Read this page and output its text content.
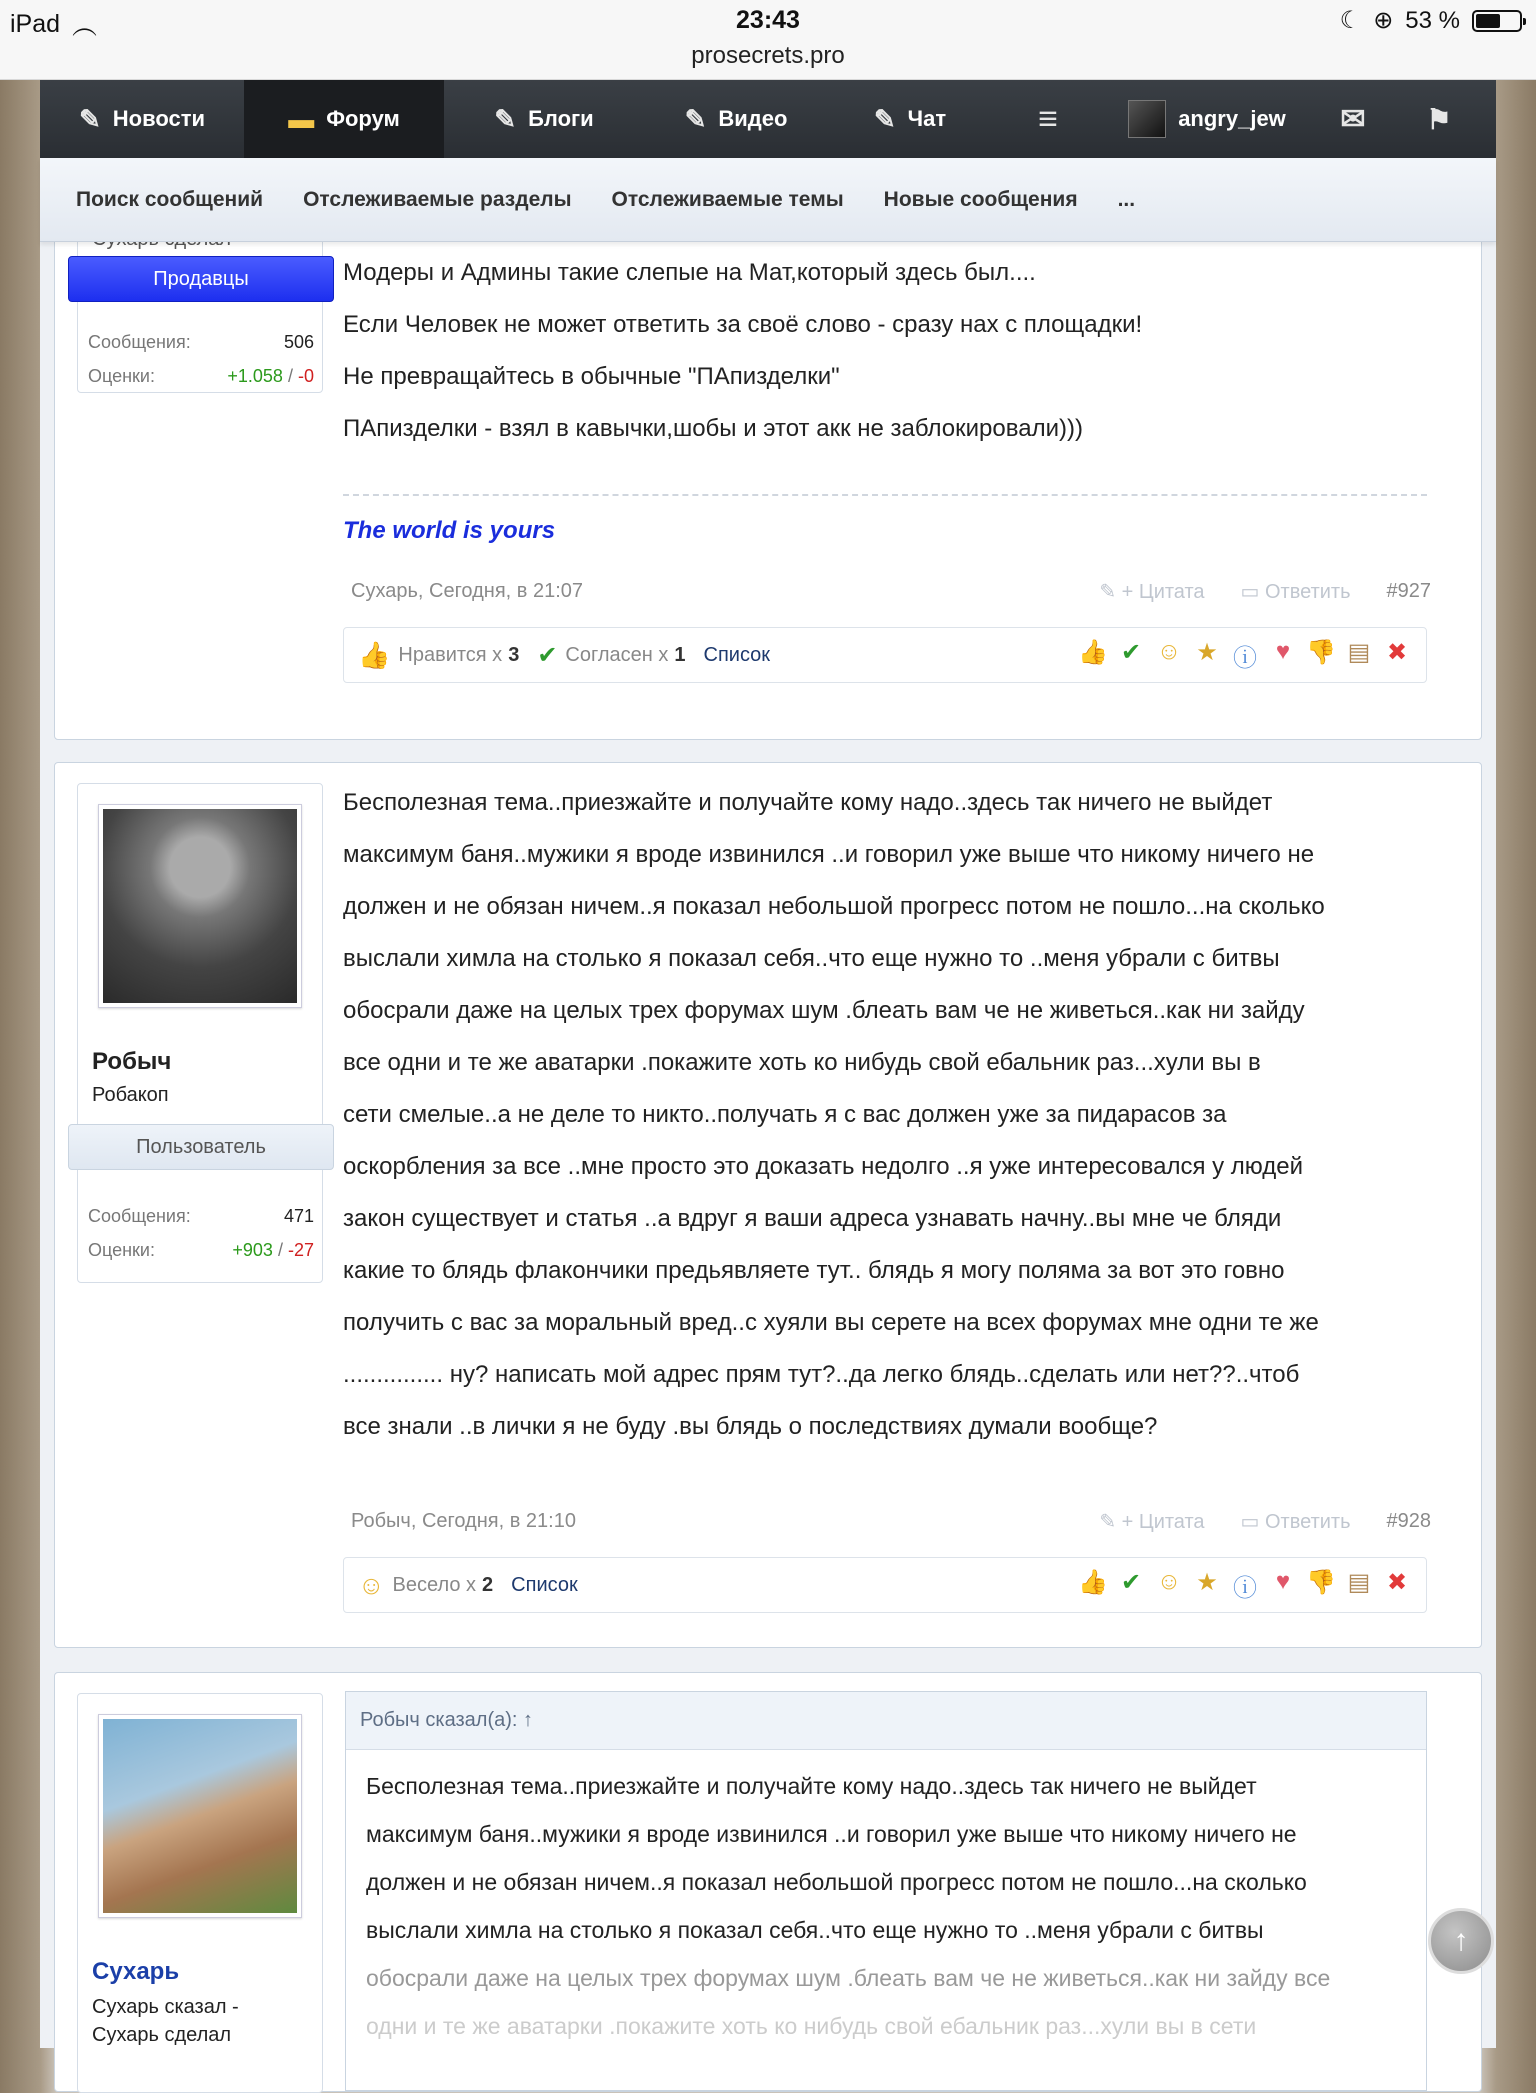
iPad ︵	23:43
prosecrets.pro
☾ ⊕ 53 %
✎ Новости	▬ Форум	✎ Блоги	✎ Видео	✎ Чат	≡	angry_jew ✉ ⚑
Поиск сообщений Отслеживаемые разделы Отслеживаемые темы Новые сообщения ...
Продавцы
Сообщения:	506
Оценки:	+1.058 / -0

Модеры и Админы такие слепые на Мат,который здесь был....

Если Человек не может ответить за своё слово - сразу нах с площадки!

Не превращайтесь в обычные "ПАпизделки"

ПАпизделки - взял в кавычки,шобы и этот акк не заблокировали)))

The world is yours
Сухарь, Сегодня, в 21:07	✎ + Цитата ▭ Ответить #927
👍 Нравится x 3 ✔ Согласен x 1 Список	👍 ✔ ☺ ★ ⓘ ♥ 👎 ▤ ✖
Робыч
Робакоп
Пользователь
Сообщения:	471
Оценки:	+903 / -27

Бесполезная тема..приезжайте и получайте кому надо..здесь так ничего не выйдет

максимум баня..мужики я вроде извинился ..и говорил уже выше что никому ничего не

должен и не обязан ничем..я показал небольшой прогресс потом не пошло...на сколько

выслали химла на столько я показал себя..что еще нужно то ..меня убрали с битвы

обосрали даже на целых трех форумах шум .блеать вам че не живеться..как ни зайду

все одни и те же аватарки .покажите хоть ко нибудь свой ебальник раз...хули вы в

сети смелые..а не деле то никто..получать я с вас должен уже за пидарасов за

оскорбления за все ..мне просто это доказать недолго ..я уже интересовался у людей

закон существует и статья ..а вдруг я ваши адреса узнавать начну..вы мне че бляди

какие то блядь флакончики предьявляете тут.. блядь я могу поляма за вот это говно

получить с вас за моральный вред..с хуяли вы серете на всех форумах мне одни те же

............... ну? написать мой адрес прям тут?..да легко блядь..сделать или нет??..чтоб

все знали ..в лички я не буду .вы блядь о последствиях думали вообще?

Робыч, Сегодня, в 21:10	✎ + Цитата ▭ Ответить #928
☺ Весело x 2 Список	👍 ✔ ☺ ★ ⓘ ♥ 👎 ▤ ✖
Сухарь
Сухарь сказал -
Сухарь сделал
Робыч сказал(а): ↑
Бесполезная тема..приезжайте и получайте кому надо..здесь так ничего не выйдет
максимум баня..мужики я вроде извинился ..и говорил уже выше что никому ничего не
должен и не обязан ничем..я показал небольшой прогресс потом не пошло...на сколько
выслали химла на столько я показал себя..что еще нужно то ..меня убрали с битвы
обосрали даже на целых трех форумах шум .блеать вам че не живеться..как ни зайду все
одни и те же аватарки .покажите хоть ко нибудь свой ебальник раз...хули вы в сети
↑
